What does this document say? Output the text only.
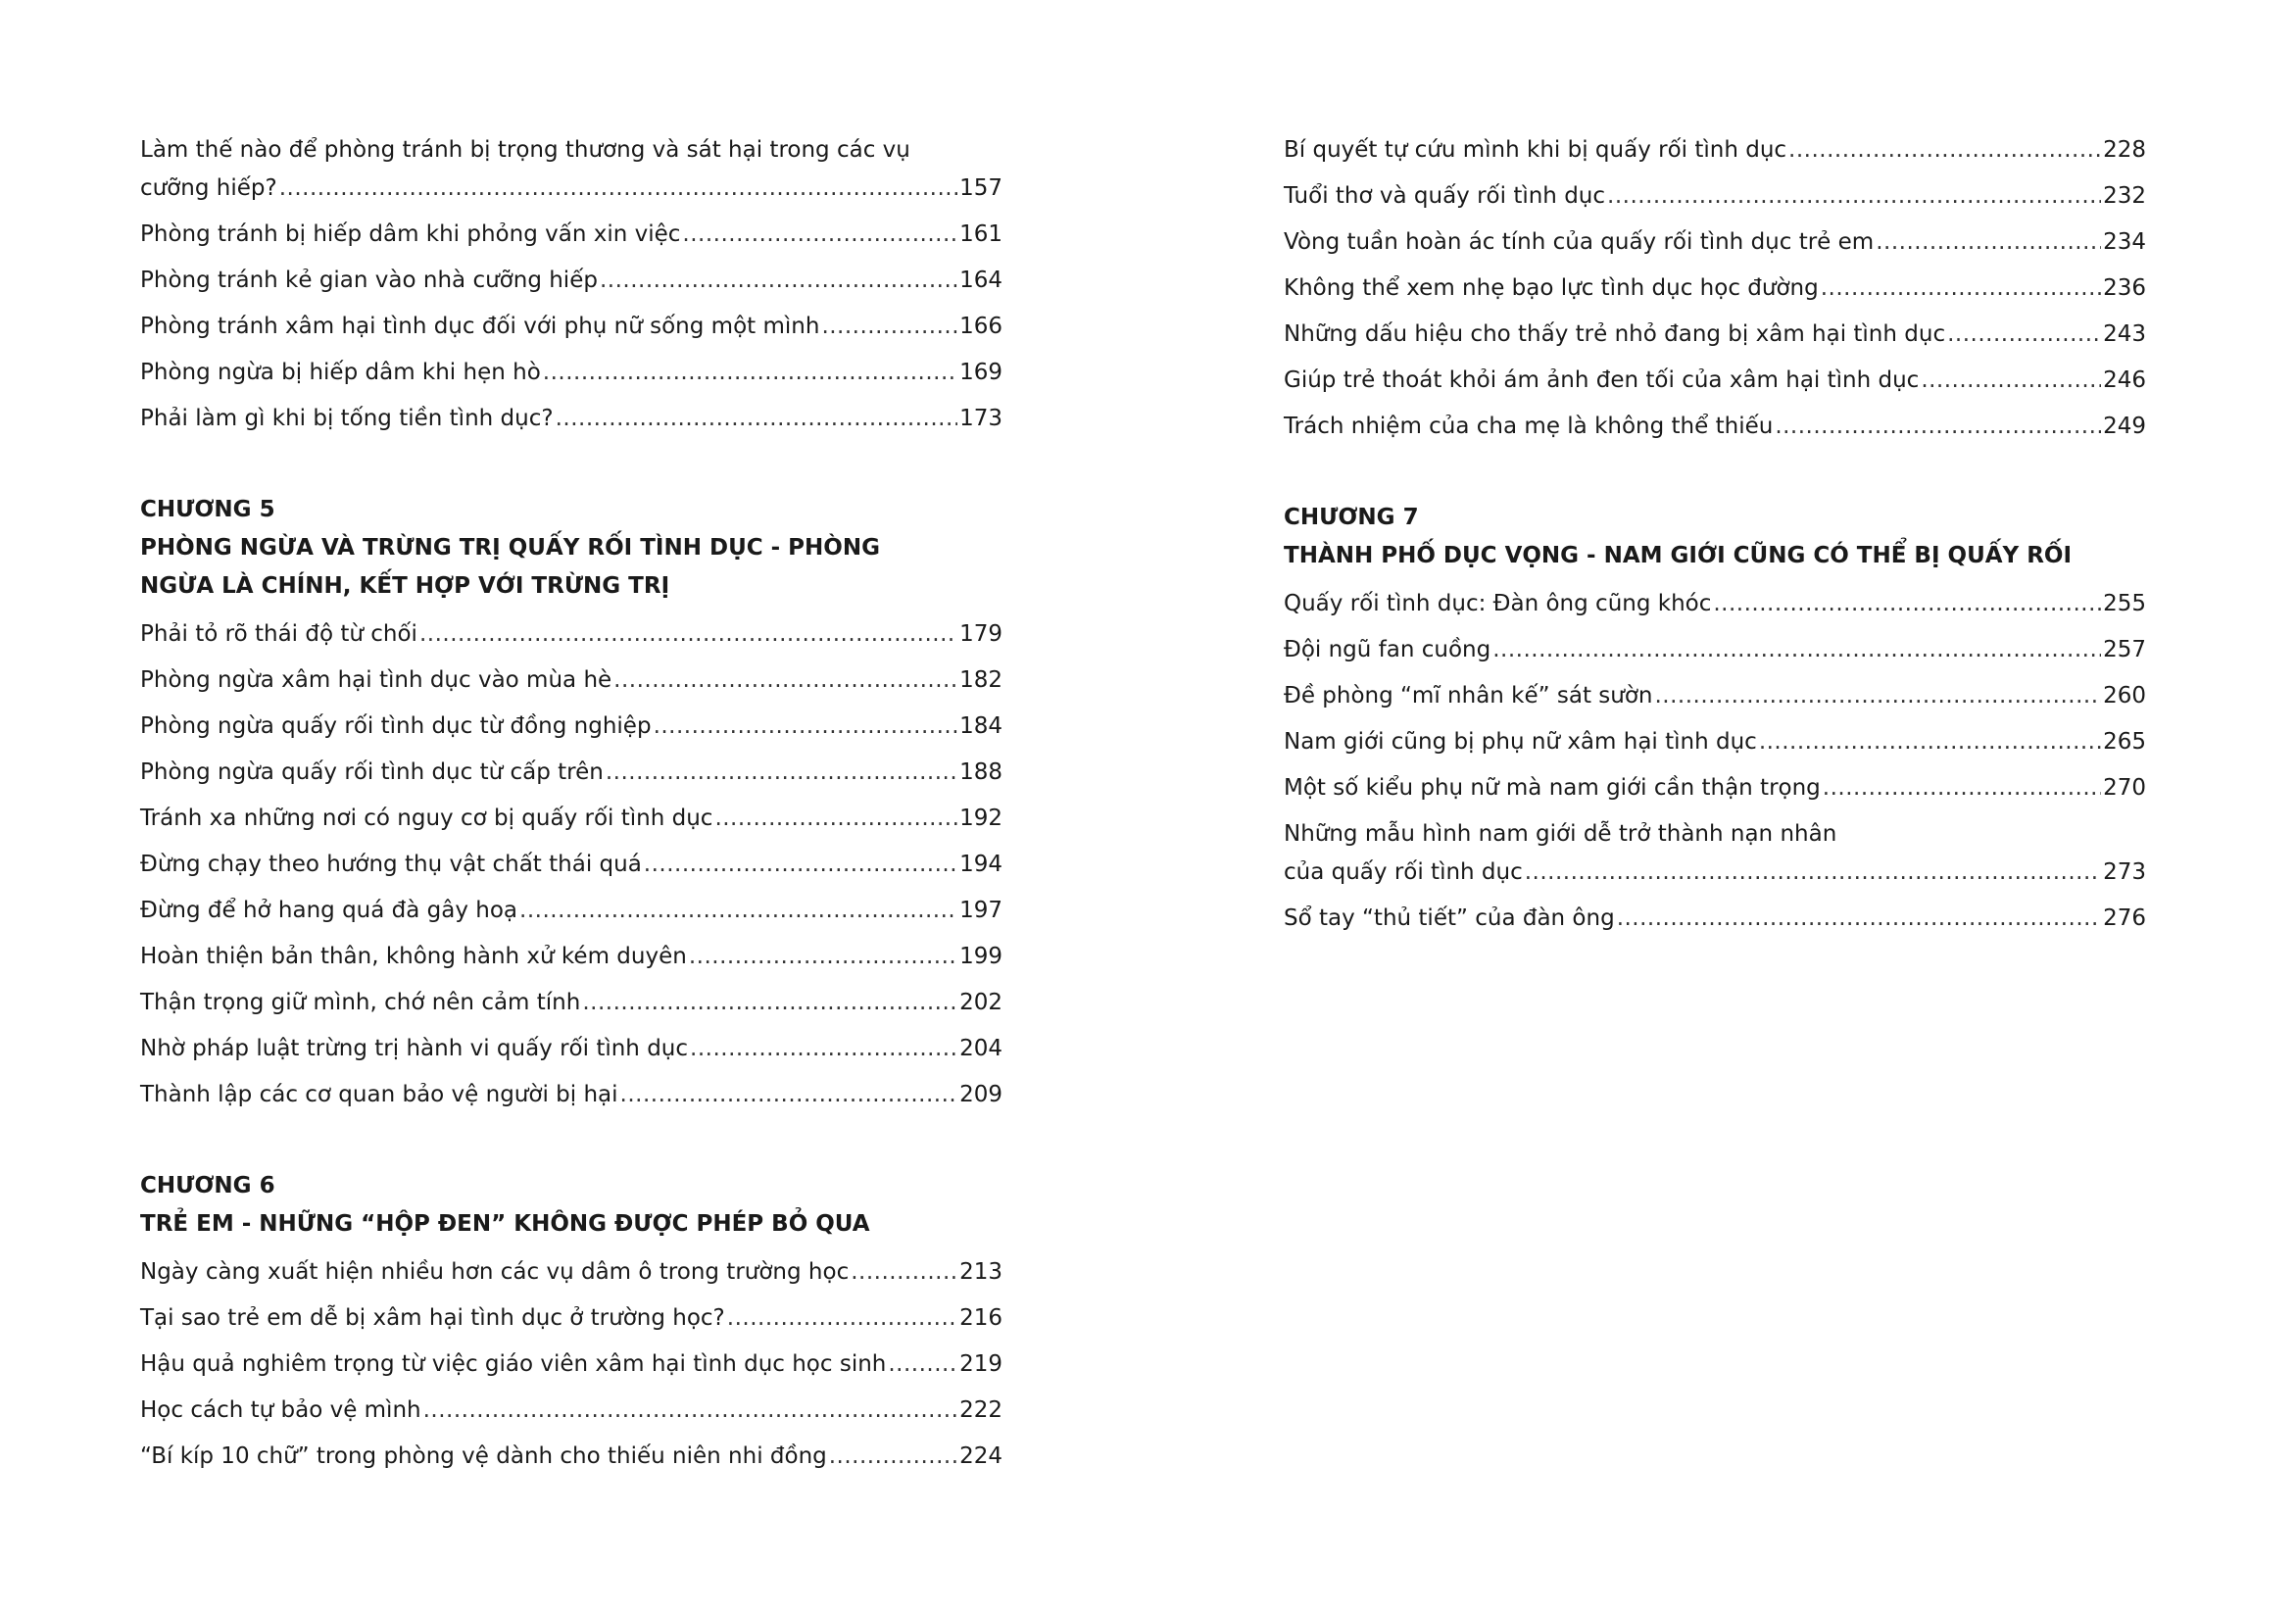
Làm thế nào để phòng tránh bị trọng thương và sát hại trong các vụ
cưỡng hiếp? .....	157
Phòng tránh bị hiếp dâm khi phỏng vấn xin việc .....	161
Phòng tránh kẻ gian vào nhà cưỡng hiếp .....	164
Phòng tránh xâm hại tình dục đối với phụ nữ sống một mình .....	166
Phòng ngừa bị hiếp dâm khi hẹn hò .....	169
Phải làm gì khi bị tống tiền tình dục? .....	173
CHƯƠNG 5
PHÒNG NGỪA VÀ TRỪNG TRỊ QUẤY RỐI TÌNH DỤC - PHÒNG NGỪA LÀ CHÍNH, KẾT HỢP VỚI TRỪNG TRỊ
Phải tỏ rõ thái độ từ chối .....	179
Phòng ngừa xâm hại tình dục vào mùa hè .....	182
Phòng ngừa quấy rối tình dục từ đồng nghiệp .....	184
Phòng ngừa quấy rối tình dục từ cấp trên .....	188
Tránh xa những nơi có nguy cơ bị quấy rối tình dục .....	192
Đừng chạy theo hướng thụ vật chất thái quá .....	194
Đừng để hở hang quá đà gây hoạ .....	197
Hoàn thiện bản thân, không hành xử kém duyên .....	199
Thận trọng giữ mình, chớ nên cảm tính .....	202
Nhờ pháp luật trừng trị hành vi quấy rối tình dục .....	204
Thành lập các cơ quan bảo vệ người bị hại .....	209
CHƯƠNG 6
TRẺ EM - NHỮNG “HỘP ĐEN” KHÔNG ĐƯỢC PHÉP BỎ QUA
Ngày càng xuất hiện nhiều hơn các vụ dâm ô trong trường học .....	213
Tại sao trẻ em dễ bị xâm hại tình dục ở trường học? .....	216
Hậu quả nghiêm trọng từ việc giáo viên xâm hại tình dục học sinh .....	219
Học cách tự bảo vệ mình .....	222
“Bí kíp 10 chữ” trong phòng vệ dành cho thiếu niên nhi đồng .....	224
Bí quyết tự cứu mình khi bị quấy rối tình dục .....	228
Tuổi thơ và quấy rối tình dục .....	232
Vòng tuần hoàn ác tính của quấy rối tình dục trẻ em .....	234
Không thể xem nhẹ bạo lực tình dục học đường .....	236
Những dấu hiệu cho thấy trẻ nhỏ đang bị xâm hại tình dục .....	243
Giúp trẻ thoát khỏi ám ảnh đen tối của xâm hại tình dục .....	246
Trách nhiệm của cha mẹ là không thể thiếu .....	249
CHƯƠNG 7
THÀNH PHỐ DỤC VỌNG - NAM GIỚI CŨNG CÓ THỂ BỊ QUẤY RỐI
Quấy rối tình dục: Đàn ông cũng khóc .....	255
Đội ngũ fan cuồng .....	257
Đề phòng “mĩ nhân kế” sát sườn .....	260
Nam giới cũng bị phụ nữ xâm hại tình dục .....	265
Một số kiểu phụ nữ mà nam giới cần thận trọng .....	270
Những mẫu hình nam giới dễ trở thành nạn nhân
của quấy rối tình dục .....	273
Sổ tay “thủ tiết” của đàn ông .....	276
